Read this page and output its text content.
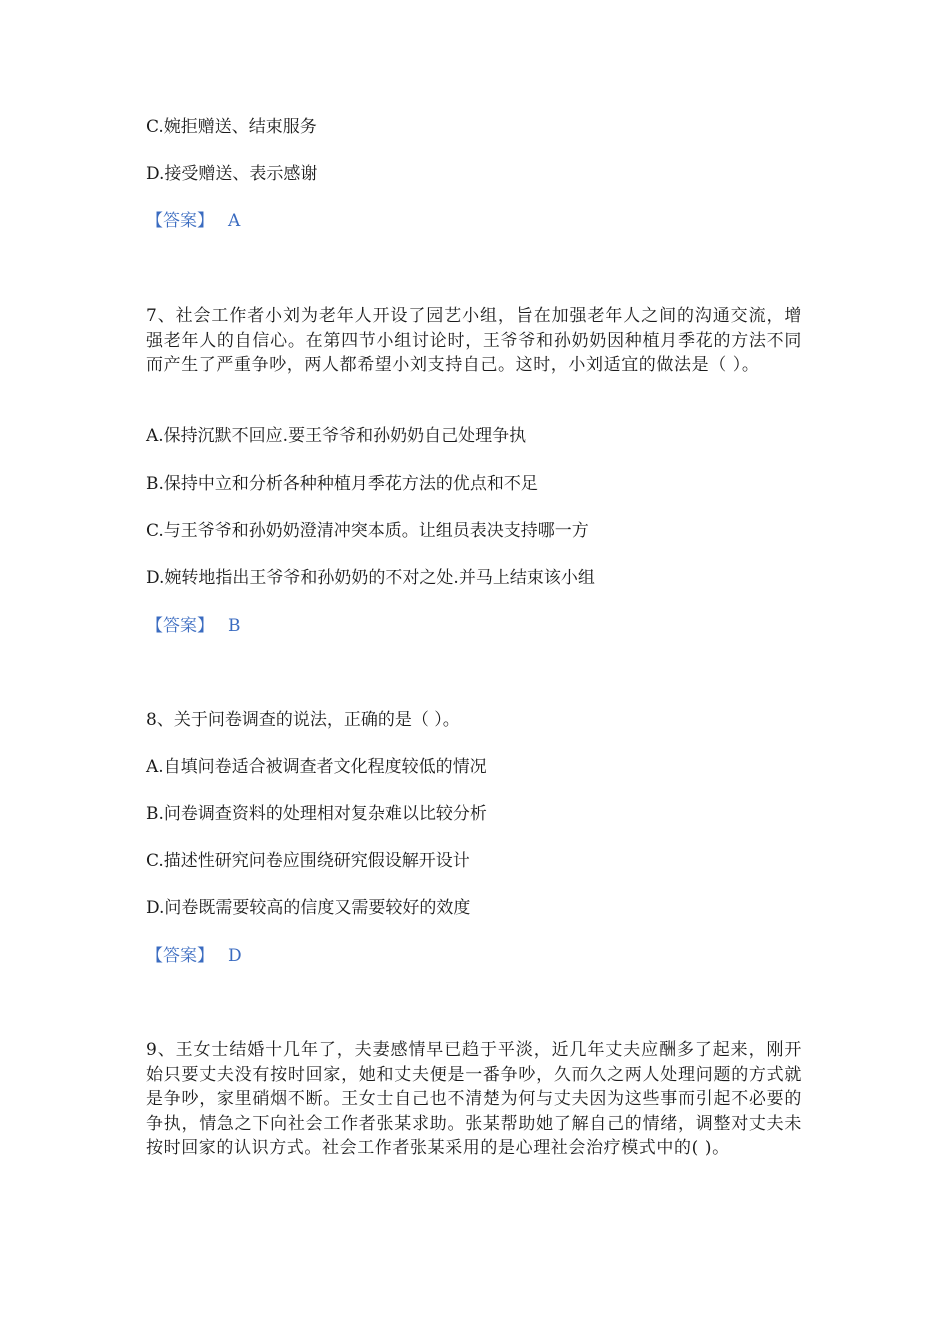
C.婉拒赠送、结束服务
D.接受赠送、表示感谢
【答案】 A
7、社会工作者小刘为老年人开设了园艺小组，旨在加强老年人之间的沟通交流，增强老年人的自信心。在第四节小组讨论时，王爷爷和孙奶奶因种植月季花的方法不同而产生了严重争吵，两人都希望小刘支持自己。这时，小刘适宜的做法是（ ）。
A.保持沉默不回应.要王爷爷和孙奶奶自己处理争执
B.保持中立和分析各种种植月季花方法的优点和不足
C.与王爷爷和孙奶奶澄清冲突本质。让组员表决支持哪一方
D.婉转地指出王爷爷和孙奶奶的不对之处.并马上结束该小组
【答案】 B
8、关于问卷调查的说法，正确的是（ ）。
A.自填问卷适合被调查者文化程度较低的情况
B.问卷调查资料的处理相对复杂难以比较分析
C.描述性研究问卷应围绕研究假设解开设计
D.问卷既需要较高的信度又需要较好的效度
【答案】 D
9、王女士结婚十几年了，夫妻感情早已趋于平淡，近几年丈夫应酬多了起来，刚开始只要丈夫没有按时回家，她和丈夫便是一番争吵，久而久之两人处理问题的方式就是争吵，家里硝烟不断。王女士自己也不清楚为何与丈夫因为这些事而引起不必要的争执，情急之下向社会工作者张某求助。张某帮助她了解自己的情绪，调整对丈夫未按时回家的认识方式。社会工作者张某采用的是心理社会治疗模式中的( )。
